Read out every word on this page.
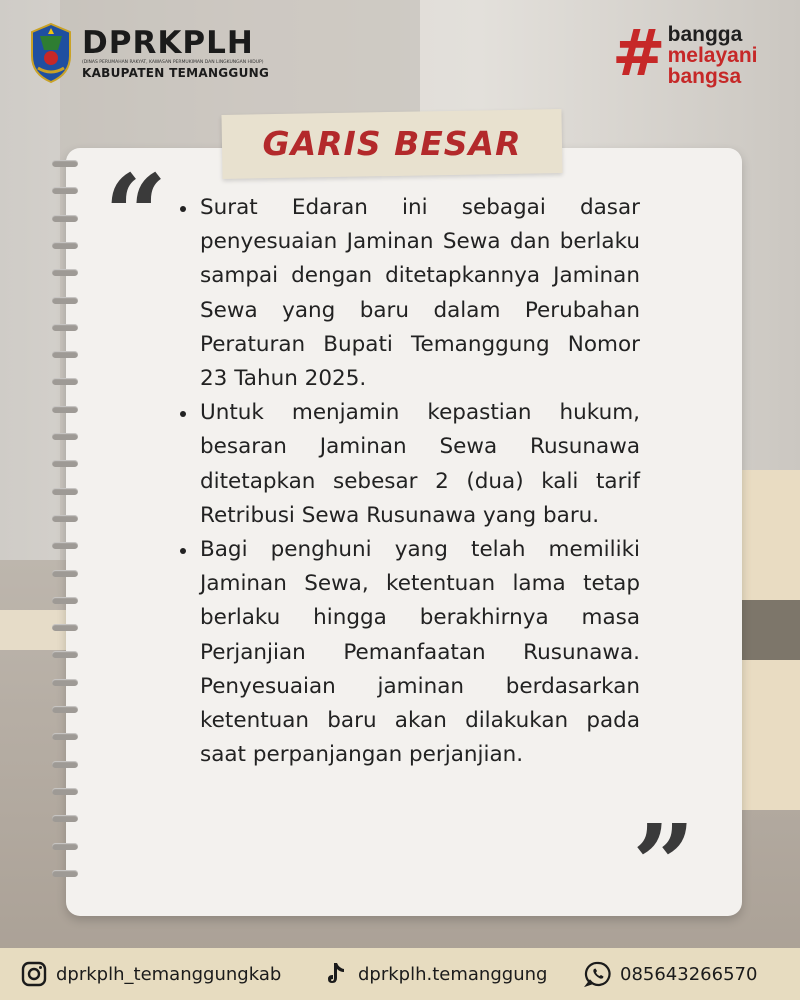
DPRKPLH
(DINAS PERUMAHAN RAKYAT, KAWASAN PERMUKIMAN DAN LINGKUNGAN HIDUP)
KABUPATEN TEMANGGUNG	# bangga
melayani
bangsa
GARIS BESAR
“	Surat Edaran ini sebagai dasar penyesuaian Jaminan Sewa dan berlaku sampai dengan ditetapkannya Jaminan Sewa yang baru dalam Perubahan Peraturan Bupati Temanggung Nomor 23 Tahun 2025.
Untuk menjamin kepastian hukum, besaran Jaminan Sewa Rusunawa ditetapkan sebesar 2 (dua) kali tarif Retribusi Sewa Rusunawa yang baru.
Bagi penghuni yang telah memiliki Jaminan Sewa, ketentuan lama tetap berlaku hingga berakhirnya masa Perjanjian Pemanfaatan Rusunawa. Penyesuaian jaminan berdasarkan ketentuan baru akan dilakukan pada saat perpanjangan perjanjian.
”
dprkplh_temanggungkab	dprkplh.temanggung	085643266570
